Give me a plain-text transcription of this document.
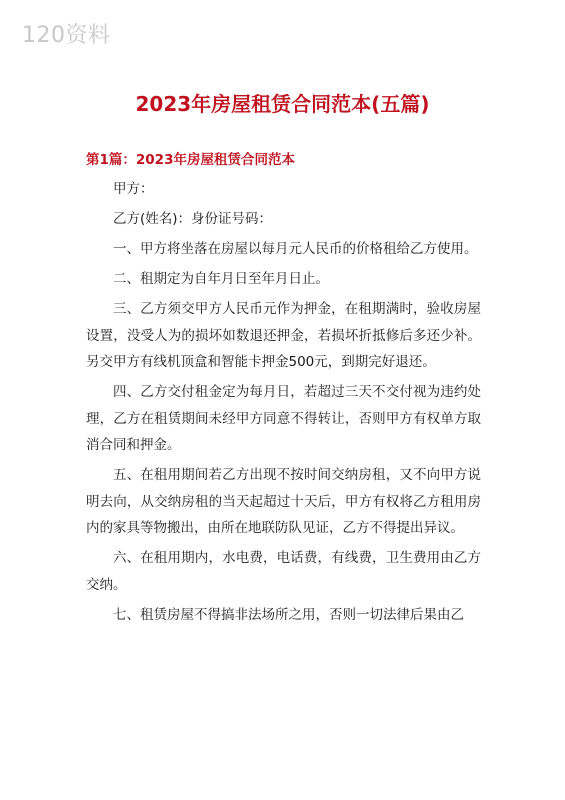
120资料
2023年房屋租赁合同范本(五篇)
第1篇：2023年房屋租赁合同范本

甲方：

乙方(姓名)：身份证号码：

一、甲方将坐落在房屋以每月元人民币的价格租给乙方使用。

二、租期定为自年月日至年月日止。

三、乙方须交甲方人民币元作为押金，在租期满时，验收房屋设置，没受人为的损坏如数退还押金，若损坏折抵修后多还少补。另交甲方有线机顶盒和智能卡押金500元，到期完好退还。

四、乙方交付租金定为每月日，若超过三天不交付视为违约处理，乙方在租赁期间未经甲方同意不得转让，否则甲方有权单方取消合同和押金。

五、在租用期间若乙方出现不按时间交纳房租，又不向甲方说明去向，从交纳房租的当天起超过十天后，甲方有权将乙方租用房内的家具等物搬出，由所在地联防队见证，乙方不得提出异议。

六、在租用期内，水电费，电话费，有线费，卫生费用由乙方交纳。

七、租赁房屋不得搞非法场所之用，否则一切法律后果由乙
